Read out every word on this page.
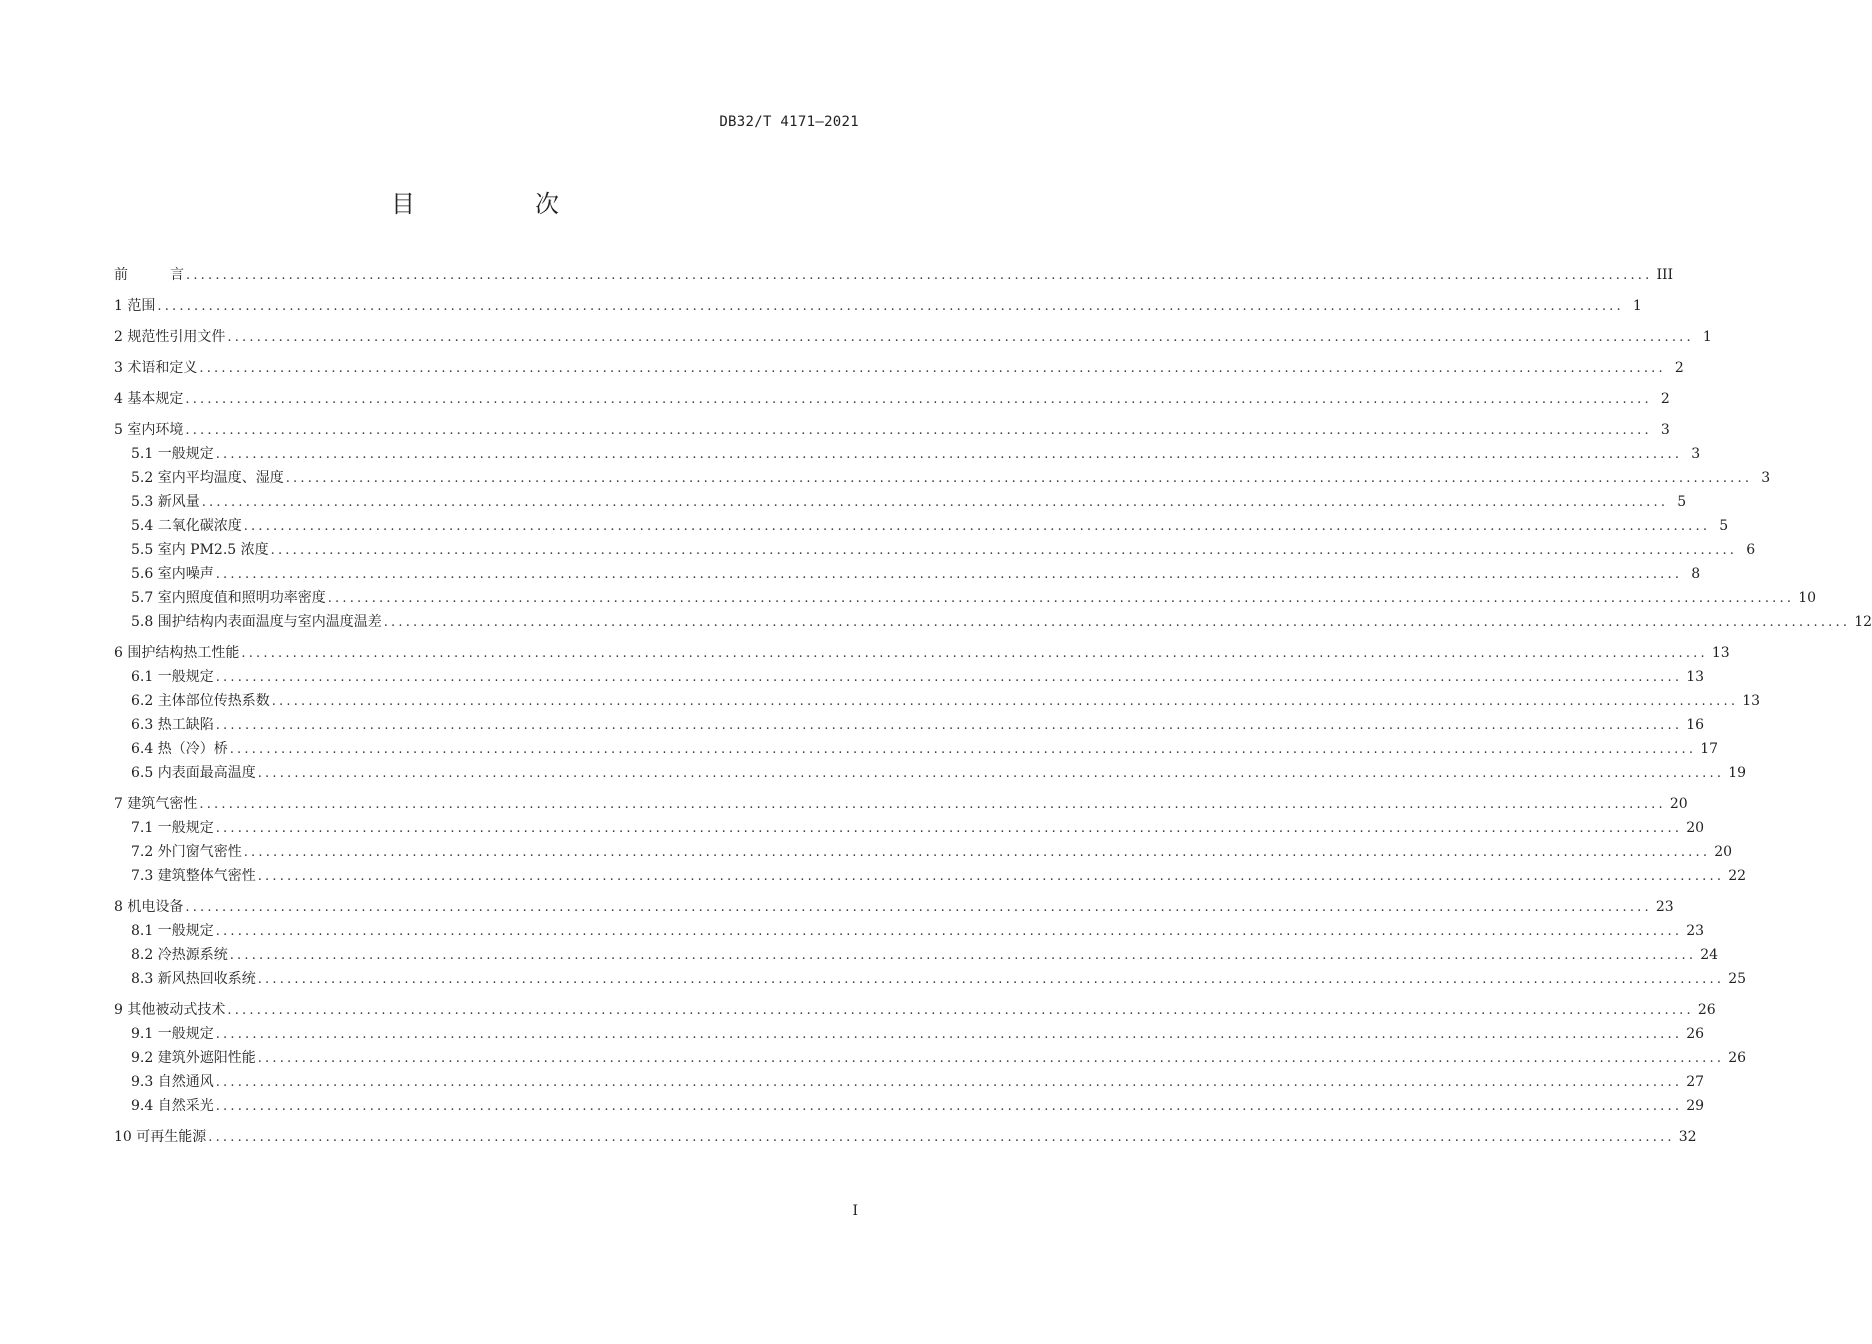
DB32/T 4171—2021
目　次
前　　　言 ........................................................................................................................................................................................................ III
1 范围 ........................................................................................................................................................................................................ 1
2 规范性引用文件 ........................................................................................................................................................................................................ 1
3 术语和定义 ........................................................................................................................................................................................................ 2
4 基本规定 ........................................................................................................................................................................................................ 2
5 室内环境 ........................................................................................................................................................................................................ 3
5.1 一般规定 ........................................................................................................................................................................................................ 3
5.2 室内平均温度、湿度 ........................................................................................................................................................................................................ 3
5.3 新风量 ........................................................................................................................................................................................................ 5
5.4 二氧化碳浓度 ........................................................................................................................................................................................................ 5
5.5 室内 PM2.5 浓度 ........................................................................................................................................................................................................ 6
5.6 室内噪声 ........................................................................................................................................................................................................ 8
5.7 室内照度值和照明功率密度 ........................................................................................................................................................................................................ 10
5.8 围护结构内表面温度与室内温度温差 ........................................................................................................................................................................................................ 12
6 围护结构热工性能 ........................................................................................................................................................................................................ 13
6.1 一般规定 ........................................................................................................................................................................................................ 13
6.2 主体部位传热系数 ........................................................................................................................................................................................................ 13
6.3 热工缺陷 ........................................................................................................................................................................................................ 16
6.4 热（冷）桥 ........................................................................................................................................................................................................ 17
6.5 内表面最高温度 ........................................................................................................................................................................................................ 19
7 建筑气密性 ........................................................................................................................................................................................................ 20
7.1 一般规定 ........................................................................................................................................................................................................ 20
7.2 外门窗气密性 ........................................................................................................................................................................................................ 20
7.3 建筑整体气密性 ........................................................................................................................................................................................................ 22
8 机电设备 ........................................................................................................................................................................................................ 23
8.1 一般规定 ........................................................................................................................................................................................................ 23
8.2 冷热源系统 ........................................................................................................................................................................................................ 24
8.3 新风热回收系统 ........................................................................................................................................................................................................ 25
9 其他被动式技术 ........................................................................................................................................................................................................ 26
9.1 一般规定 ........................................................................................................................................................................................................ 26
9.2 建筑外遮阳性能 ........................................................................................................................................................................................................ 26
9.3 自然通风 ........................................................................................................................................................................................................ 27
9.4 自然采光 ........................................................................................................................................................................................................ 29
10 可再生能源 ........................................................................................................................................................................................................ 32
I
